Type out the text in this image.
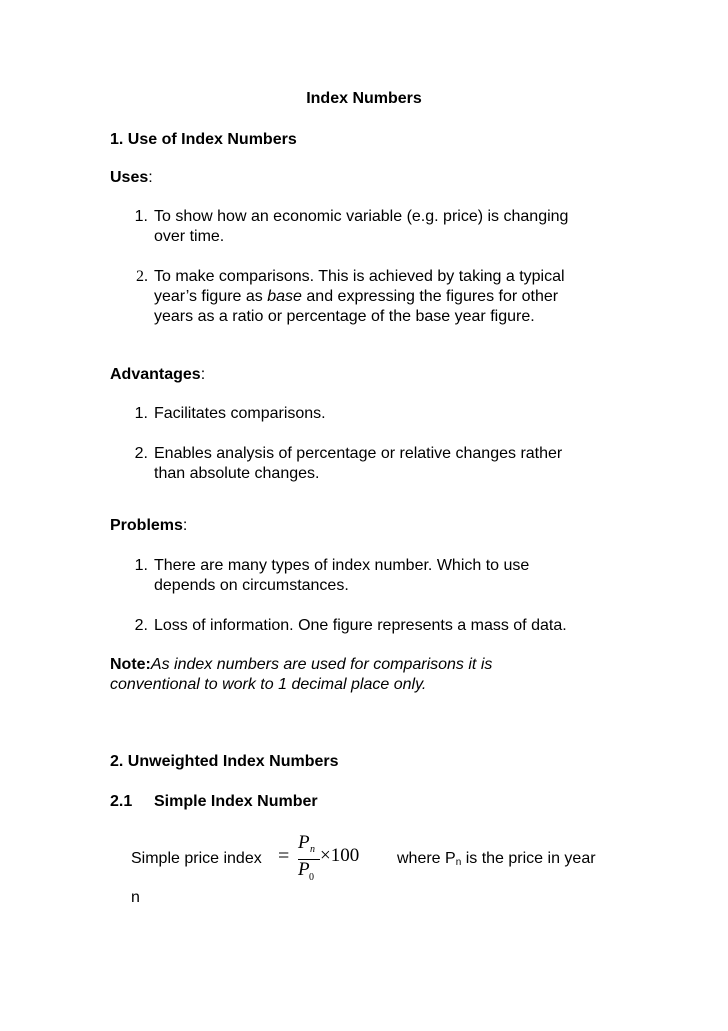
Index Numbers

1. Use of Index Numbers

Uses:

1. To show how an economic variable (e.g. price) is changing

over time.

2. To make comparisons. This is achieved by taking a typical

year’s figure as base and expressing the figures for other

years as a ratio or percentage of the base year figure.

Advantages:

1. Facilitates comparisons.

2. Enables analysis of percentage or relative changes rather

than absolute changes.

Problems:

1. There are many types of index number. Which to use

depends on circumstances.

2. Loss of information. One figure represents a mass of data.

Note:As index numbers are used for comparisons it is

conventional to work to 1 decimal place only.

2. Unweighted Index Numbers

2.1 Simple Index Number

Simple price index =
P n
P 0
×100 where $P_n$ is the price in year

n
